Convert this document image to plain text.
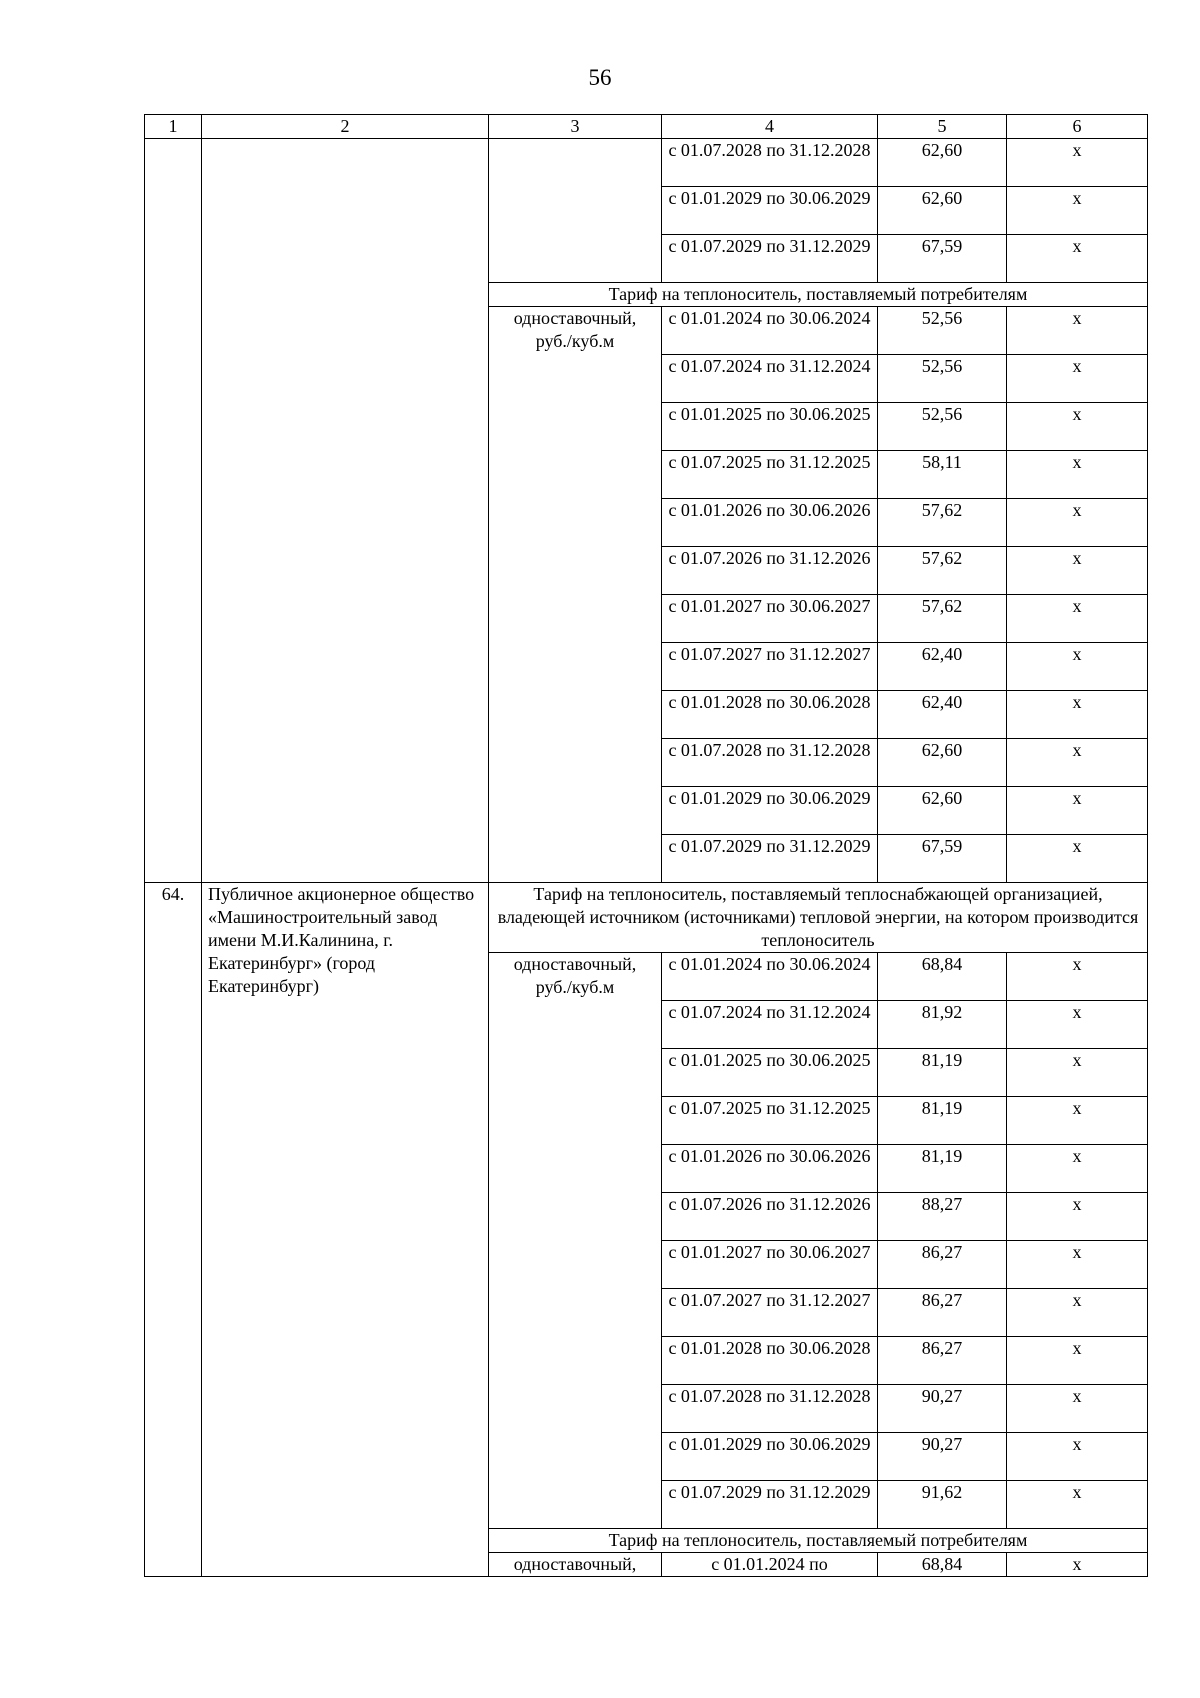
56
1	2	3	4	5	6
			с 01.07.2028 по 31.12.2028	62,60	х
			с 01.01.2029 по 30.06.2029	62,60	х
			с 01.07.2029 по 31.12.2029	67,59	х
		Тариф на теплоноситель, поставляемый потребителям			
		одноставочный, руб./куб.м	с 01.01.2024 по 30.06.2024	52,56	х
			с 01.07.2024 по 31.12.2024	52,56	х
			с 01.01.2025 по 30.06.2025	52,56	х
			с 01.07.2025 по 31.12.2025	58,11	х
			с 01.01.2026 по 30.06.2026	57,62	х
			с 01.07.2026 по 31.12.2026	57,62	х
			с 01.01.2027 по 30.06.2027	57,62	х
			с 01.07.2027 по 31.12.2027	62,40	х
			с 01.01.2028 по 30.06.2028	62,40	х
			с 01.07.2028 по 31.12.2028	62,60	х
			с 01.01.2029 по 30.06.2029	62,60	х
			с 01.07.2029 по 31.12.2029	67,59	х
64.	Публичное акционерное общество «Машиностроительный завод имени М.И.Калинина, г. Екатеринбург» (город Екатеринбург)	Тариф на теплоноситель, поставляемый теплоснабжающей организацией, владеющей источником (источниками) тепловой энергии, на котором производится теплоноситель			
		одноставочный, руб./куб.м	с 01.01.2024 по 30.06.2024	68,84	х
			с 01.07.2024 по 31.12.2024	81,92	х
			с 01.01.2025 по 30.06.2025	81,19	х
			с 01.07.2025 по 31.12.2025	81,19	х
			с 01.01.2026 по 30.06.2026	81,19	х
			с 01.07.2026 по 31.12.2026	88,27	х
			с 01.01.2027 по 30.06.2027	86,27	х
			с 01.07.2027 по 31.12.2027	86,27	х
			с 01.01.2028 по 30.06.2028	86,27	х
			с 01.07.2028 по 31.12.2028	90,27	х
			с 01.01.2029 по 30.06.2029	90,27	х
			с 01.07.2029 по 31.12.2029	91,62	х
		Тариф на теплоноситель, поставляемый потребителям			
		одноставочный,	с 01.01.2024 по	68,84	х
